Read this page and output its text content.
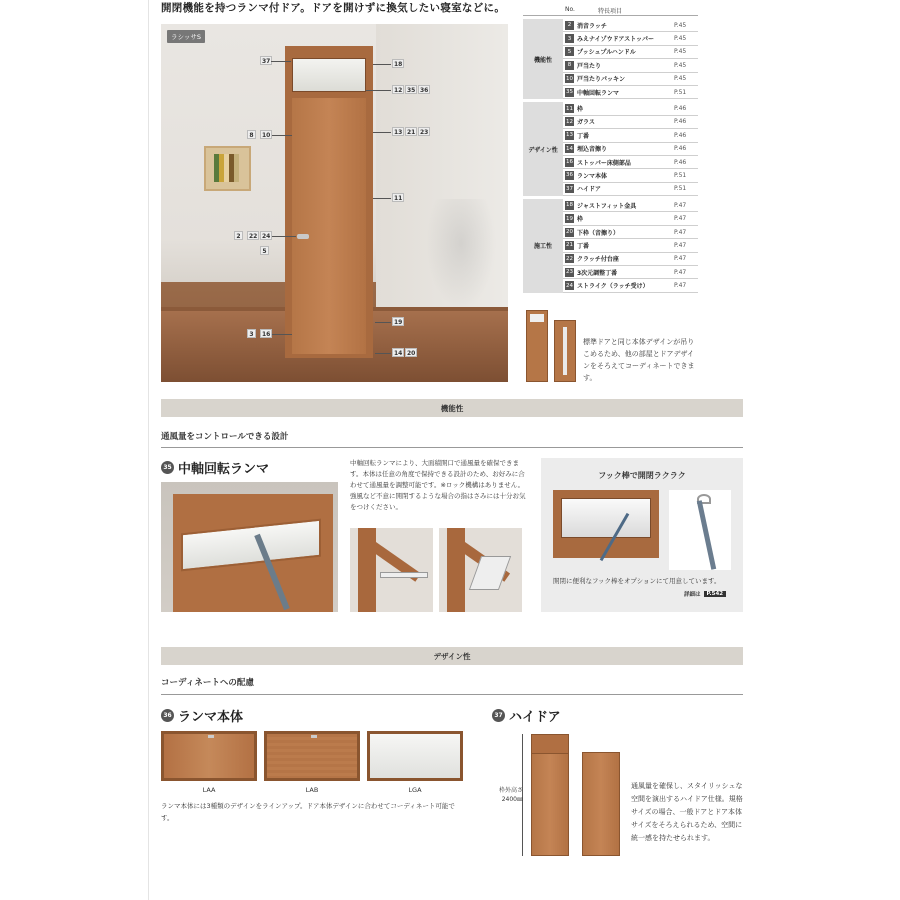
開閉機能を持つランマ付ドア。ドアを開けずに換気したい寝室などに。
ラシッサS
37	18
12 35 36
8	10	13 21 23
11
2	22 24
5
19
3	16
14 20
No.	特長項目
機能性
2 消音ラッチ	P.45
3 みえナイゾウドアストッパー	P.45
5 プッシュプルハンドル	P.45
8 戸当たり	P.45
10 戸当たりパッキン	P.45
35 中軸回転ランマ	P.51
デザイン性
11 枠	P.46
12 ガラス	P.46
13 丁番	P.46
14 埋込音擦り	P.46
16 ストッパー床側部品	P.46
36 ランマ本体	P.51
37 ハイドア	P.51
施工性
18 ジャストフィット金具	P.47
19 枠	P.47
20 下枠（音擦り）	P.47
21 丁番	P.47
22 クラッチ付台座	P.47
23 3次元調整丁番	P.47
24 ストライク（ラッチ受け）	P.47
標準ドアと同じ本体デザインが吊りこめるため、他の部屋とドアデザインをそろえてコーディネートできます。
機能性
通風量をコントロールできる設計
35 中軸回転ランマ	中軸回転ランマにより、大面積開口で通風量を確保できます。本体は任意の角度で保持できる設計のため、お好みに合わせて通風量を調整可能です。※ロック機構はありません。強風など不意に開閉するような場合の指はさみには十分お気をつけください。
フック棒で開閉ラクラク
開閉に便利なフック棒をオプションにて用意しています。
詳細は	P.542
デザイン性
コーディネートへの配慮
36 ランマ本体
LAA	LAB	LGA
ランマ本体には3種類のデザインをラインアップ。ドア本体デザインに合わせてコーディネート可能です。
37 ハイドア
枠外高さ
2400㎜
通風量を確保し、スタイリッシュな空間を演出するハイドア仕様。規格サイズの場合、一般ドアとドア本体サイズをそろえられるため、空間に統一感を持たせられます。
